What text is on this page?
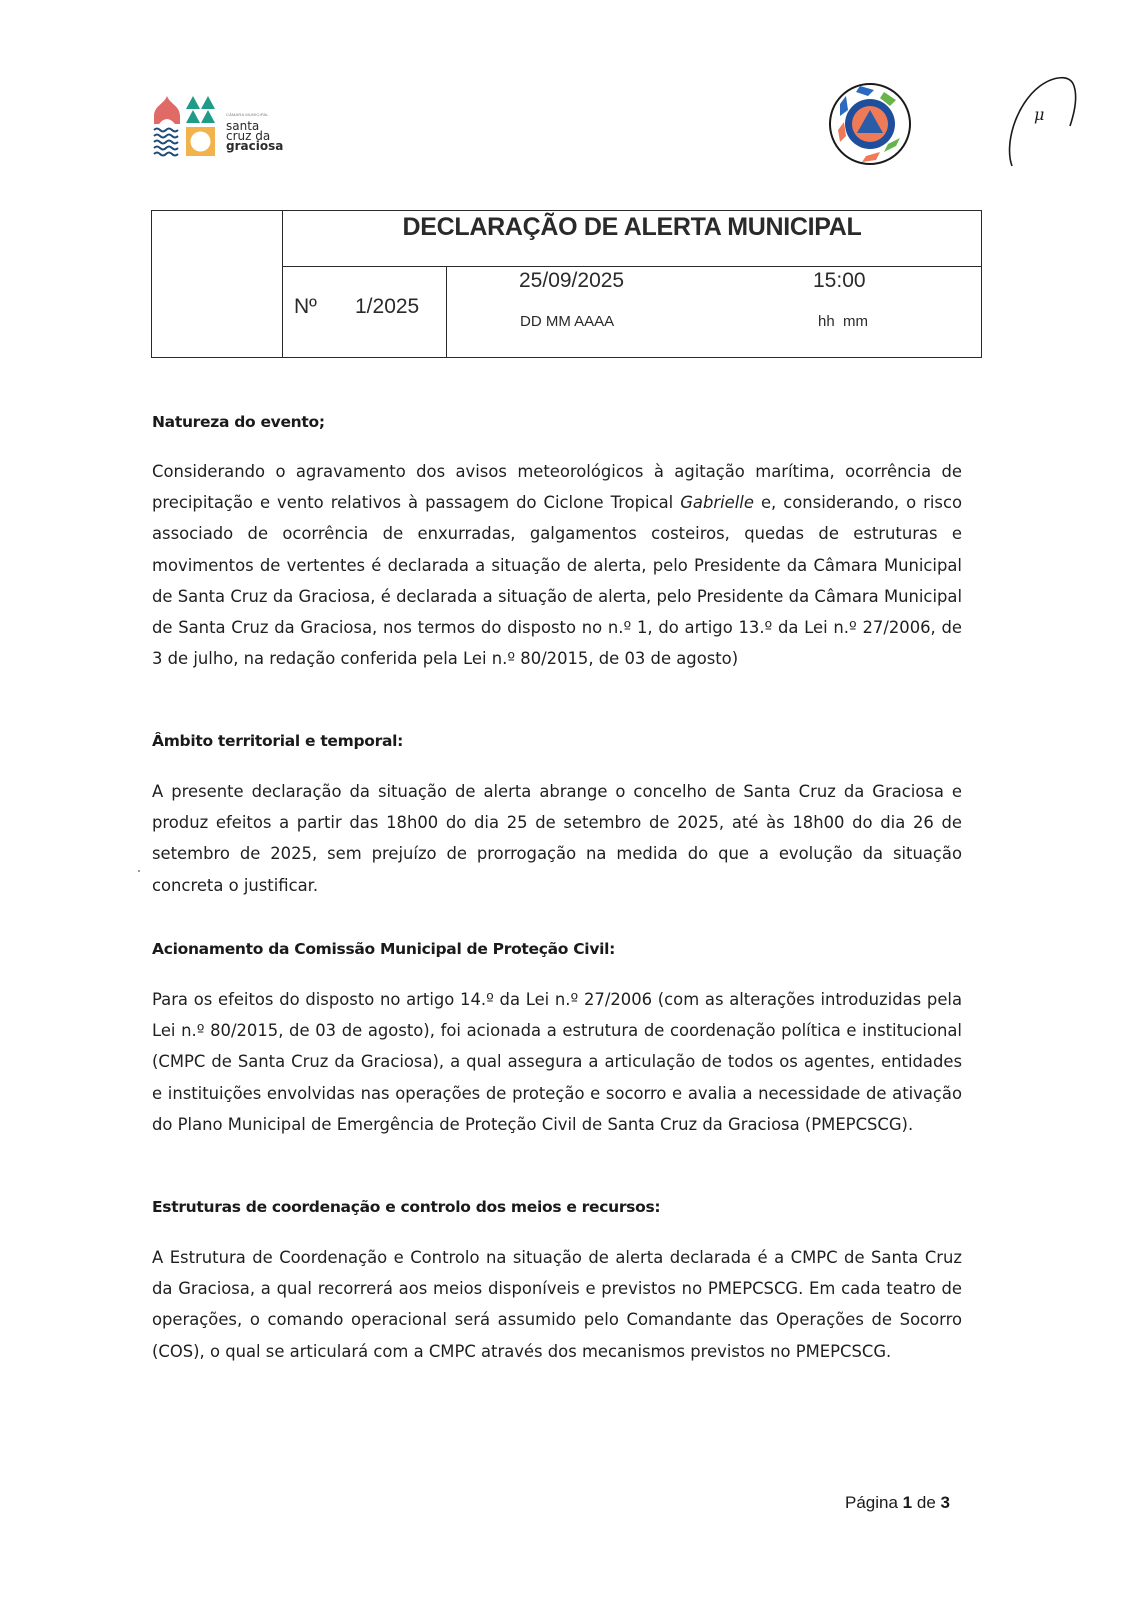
CÂMARA MUNICIPAL
santa
cruz da
graciosa
μ
DECLARAÇÃO DE ALERTA MUNICIPAL
Nº 1/2025
25/09/2025
DD MM AAAA
15:00
hh  mm
Natureza do evento;
Considerando o agravamento dos avisos meteorológicos à agitação marítima, ocorrência de precipitação e vento relativos à passagem do Ciclone Tropical Gabrielle e, considerando, o risco associado de ocorrência de enxurradas, galgamentos costeiros, quedas de estruturas e movimentos de vertentes é declarada a situação de alerta, pelo Presidente da Câmara Municipal de Santa Cruz da Graciosa, é declarada a situação de alerta, pelo Presidente da Câmara Municipal de Santa Cruz da Graciosa, nos termos do disposto no n.º 1, do artigo 13.º da Lei n.º 27/2006, de 3 de julho, na redação conferida pela Lei n.º 80/2015, de 03 de agosto)
Âmbito territorial e temporal:
A presente declaração da situação de alerta abrange o concelho de Santa Cruz da Graciosa e produz efeitos a partir das 18h00 do dia 25 de setembro de 2025, até às 18h00 do dia 26 de setembro de 2025, sem prejuízo de prorrogação na medida do que a evolução da situação concreta o justificar.
Acionamento da Comissão Municipal de Proteção Civil:
Para os efeitos do disposto no artigo 14.º da Lei n.º 27/2006 (com as alterações introduzidas pela Lei n.º 80/2015, de 03 de agosto), foi acionada a estrutura de coordenação política e institucional (CMPC de Santa Cruz da Graciosa), a qual assegura a articulação de todos os agentes, entidades e instituições envolvidas nas operações de proteção e socorro e avalia a necessidade de ativação do Plano Municipal de Emergência de Proteção Civil de Santa Cruz da Graciosa (PMEPCSCG).
Estruturas de coordenação e controlo dos meios e recursos:
A Estrutura de Coordenação e Controlo na situação de alerta declarada é a CMPC de Santa Cruz da Graciosa, a qual recorrerá aos meios disponíveis e previstos no PMEPCSCG. Em cada teatro de operações, o comando operacional será assumido pelo Comandante das Operações de Socorro (COS), o qual se articulará com a CMPC através dos mecanismos previstos no PMEPCSCG.
Página 1 de 3
